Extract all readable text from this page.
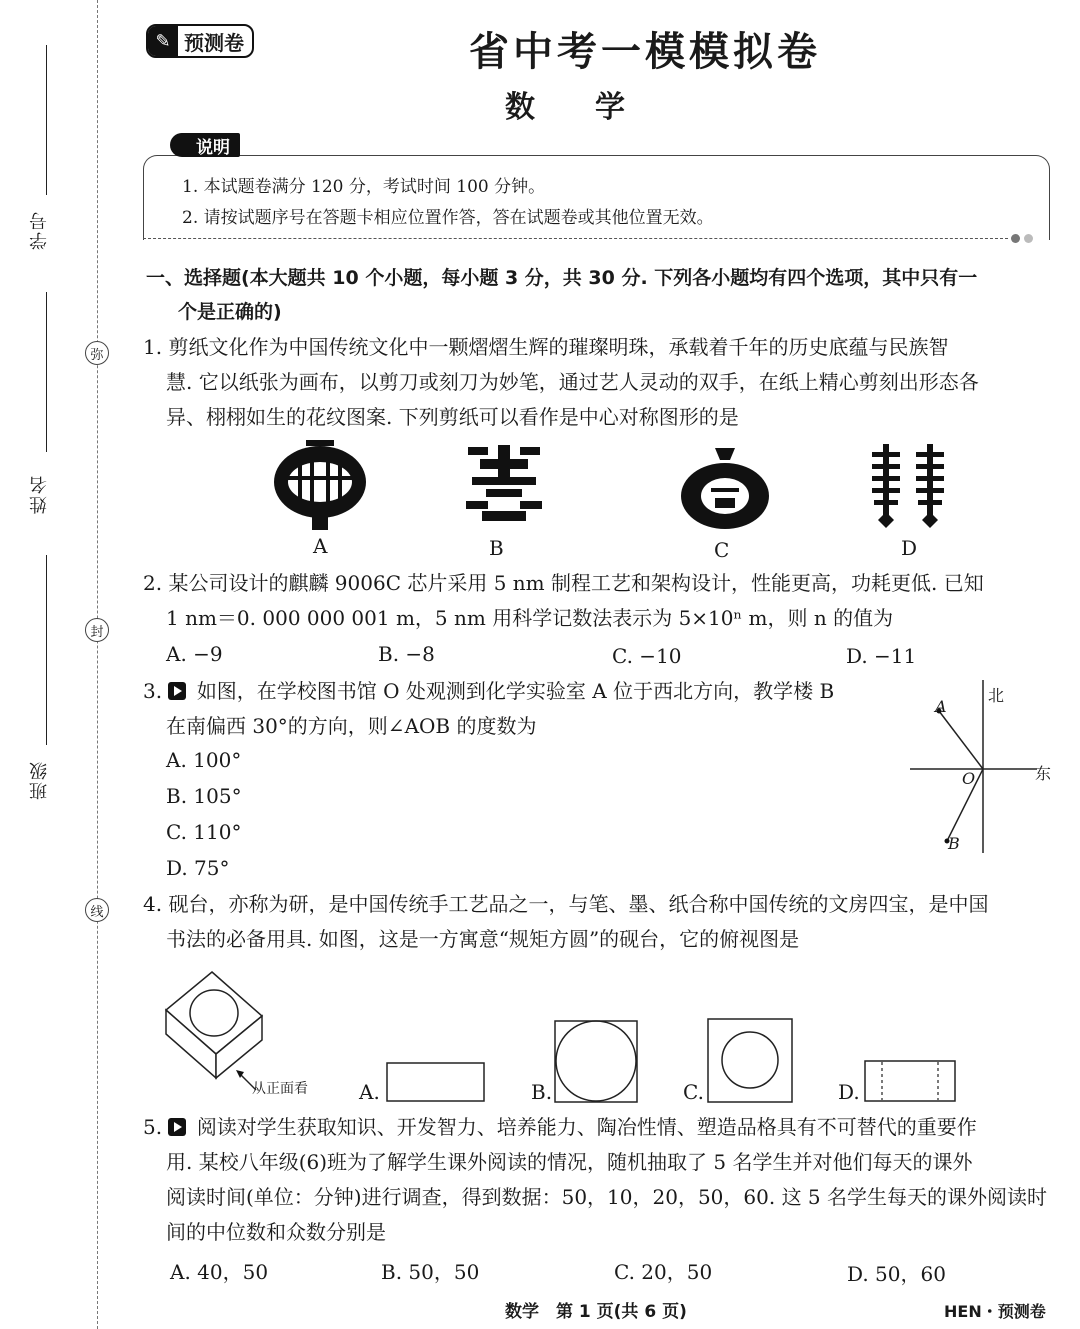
学号
姓名
班级
弥
封
线
✎ 预测卷	省中考一模模拟卷
数学
说明
1. 本试题卷满分 120 分，考试时间 100 分钟。
2. 请按试题序号在答题卡相应位置作答，答在试题卷或其他位置无效。
一、选择题(本大题共 10 个小题，每小题 3 分，共 30 分. 下列各小题均有四个选项，其中只有一
个是正确的)
1. 剪纸文化作为中国传统文化中一颗熠熠生辉的璀璨明珠，承载着千年的历史底蕴与民族智
慧. 它以纸张为画布，以剪刀或刻刀为妙笔，通过艺人灵动的双手，在纸上精心剪刻出形态各
异、栩栩如生的花纹图案. 下列剪纸可以看作是中心对称图形的是
A	B	C	D
2. 某公司设计的麒麟 9006C 芯片采用 5 nm 制程工艺和架构设计，性能更高，功耗更低. 已知
1 nm＝0. 000 000 001 m，5 nm 用科学记数法表示为 5×10ⁿ m，则 n 的值为
A. −9	B. −8	C. −10	D. −11
3. 如图，在学校图书馆 O 处观测到化学实验室 A 位于西北方向，教学楼 B
在南偏西 30°的方向，则∠AOB 的度数为
A. 100°
B. 105°
C. 110°
D. 75°
北
东
A
O
B
4. 砚台，亦称为研，是中国传统手工艺品之一，与笔、墨、纸合称中国传统的文房四宝，是中国
书法的必备用具. 如图，这是一方寓意“规矩方圆”的砚台，它的俯视图是
从正面看	A.	B.	C.	D.
5. 阅读对学生获取知识、开发智力、培养能力、陶冶性情、塑造品格具有不可替代的重要作
用. 某校八年级(6)班为了解学生课外阅读的情况，随机抽取了 5 名学生并对他们每天的课外
阅读时间(单位：分钟)进行调查，得到数据：50，10，20，50，60. 这 5 名学生每天的课外阅读时
间的中位数和众数分别是
A. 40，50	B. 50，50	C. 20，50	D. 50，60
数学　第 1 页(共 6 页)	HEN・预测卷
